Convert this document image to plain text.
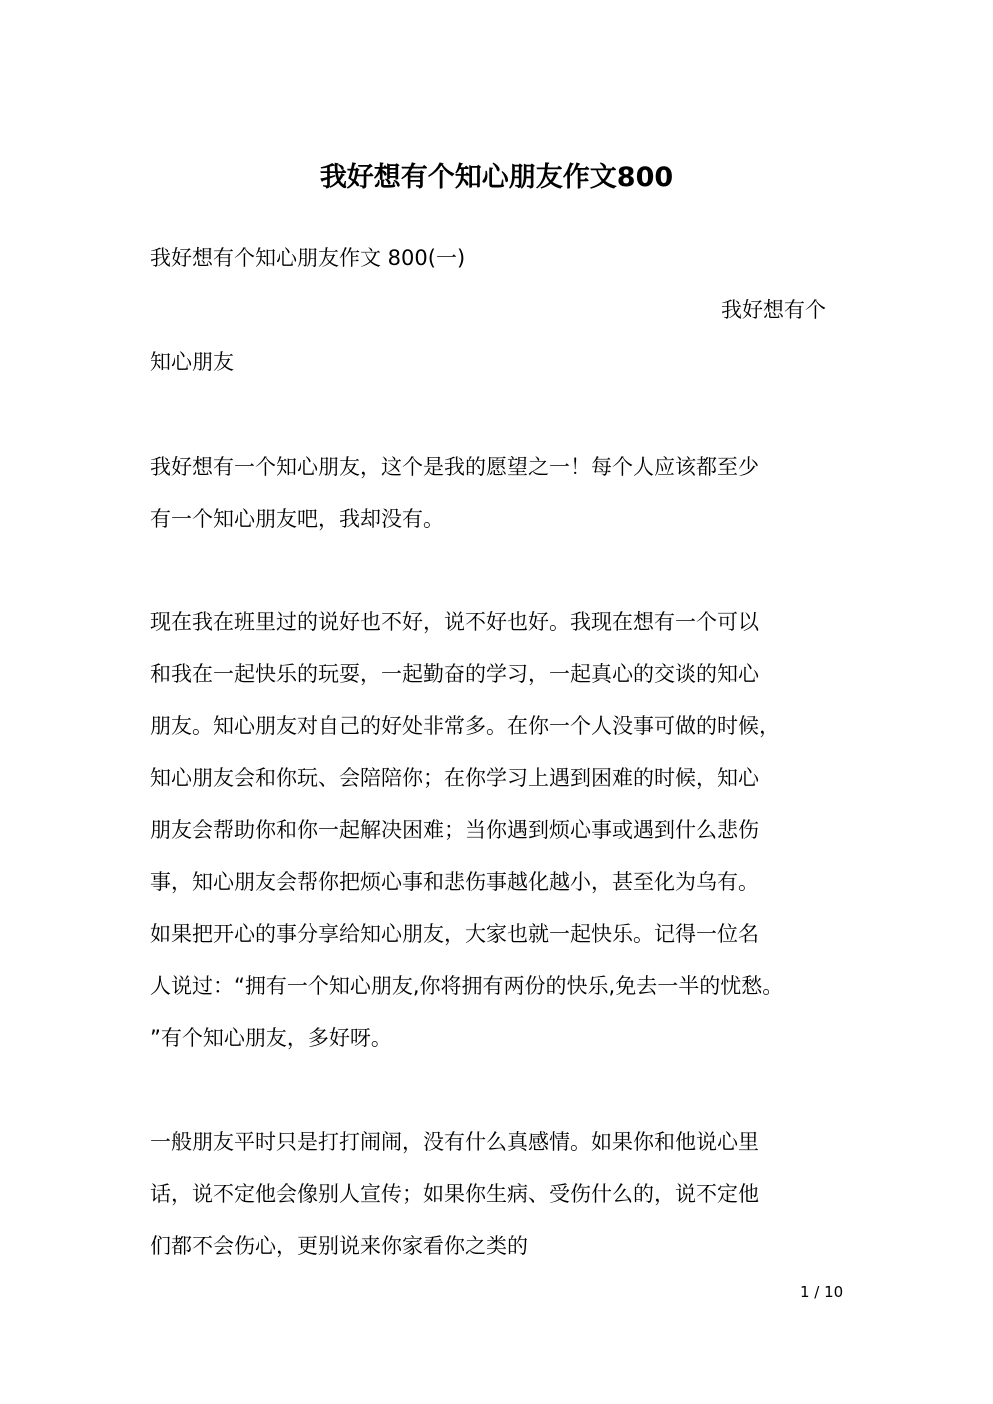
我好想有个知心朋友作文800
我好想有个知心朋友作文 800(一)
我好想有个
知心朋友
我好想有一个知心朋友，这个是我的愿望之一！每个人应该都至少
有一个知心朋友吧，我却没有。
现在我在班里过的说好也不好，说不好也好。我现在想有一个可以
和我在一起快乐的玩耍，一起勤奋的学习，一起真心的交谈的知心
朋友。知心朋友对自己的好处非常多。在你一个人没事可做的时候，
知心朋友会和你玩、会陪陪你；在你学习上遇到困难的时候，知心
朋友会帮助你和你一起解决困难；当你遇到烦心事或遇到什么悲伤
事，知心朋友会帮你把烦心事和悲伤事越化越小，甚至化为乌有。
如果把开心的事分享给知心朋友，大家也就一起快乐。记得一位名
人说过：“拥有一个知心朋友,你将拥有两份的快乐,免去一半的忧愁。
”有个知心朋友，多好呀。
一般朋友平时只是打打闹闹，没有什么真感情。如果你和他说心里
话，说不定他会像别人宣传；如果你生病、受伤什么的，说不定他
们都不会伤心，更别说来你家看你之类的
1 / 10
